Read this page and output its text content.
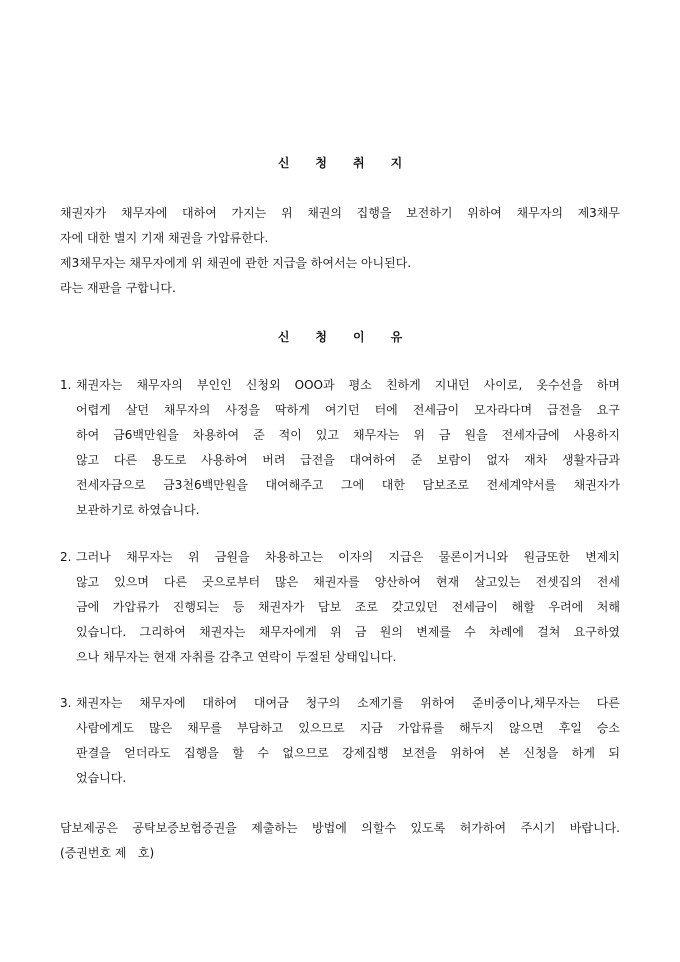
신청취지
채권자가 채무자에 대하여 가지는 위 채권의 집행을 보전하기 위하여 채무자의 제3채무
자에 대한 별지 기재 채권을 가압류한다.
제3채무자는 채무자에게 위 채권에 관한 지급을 하여서는 아니된다.
라는 재판을 구합니다.
신청이유
1. 채권자는 채무자의 부인인 신청외 OOO과 평소 친하게 지내던 사이로, 옷수선을 하며
어렵게 살던 채무자의 사정을 딱하게 여기던 터에 전세금이 모자라다며 급전을 요구
하여 금6백만원을 차용하여 준 적이 있고 채무자는 위 금 원을 전세자금에 사용하지
않고 다른 용도로 사용하여 버려 급전을 대여하여 준 보람이 없자 재차 생활자금과
전세자금으로 금3천6백만원을 대여해주고 그에 대한 담보조로 전세계약서를 채권자가
보관하기로 하였습니다.
2. 그러나 채무자는 위 금원을 차용하고는 이자의 지급은 물론이거니와 원금또한 변제치
않고 있으며 다른 곳으로부터 많은 채권자를 양산하여 현재 살고있는 전셋집의 전세
금에 가압류가 진행되는 등 채권자가 담보 조로 갖고있던 전세금이 해할 우려에 처해
있습니다. 그리하여 채권자는 채무자에게 위 금 원의 변제를 수 차례에 걸쳐 요구하였
으나 채무자는 현재 자취를 감추고 연락이 두절된 상태입니다.
3. 채권자는 채무자에 대하여 대여금 청구의 소제기를 위하여 준비중이나,채무자는 다른
사람에게도 많은 채무를 부담하고 있으므로 지금 가압류를 해두지 않으면 후일 승소
판결을 얻더라도 집행을 할 수 없으므로 강제집행 보전을 위하여 본 신청을 하게 되
었습니다.
담보제공은 공탁보증보험증권을 제출하는 방법에 의할수 있도록 허가하여 주시기 바랍니다.
(증권번호 제   호)
